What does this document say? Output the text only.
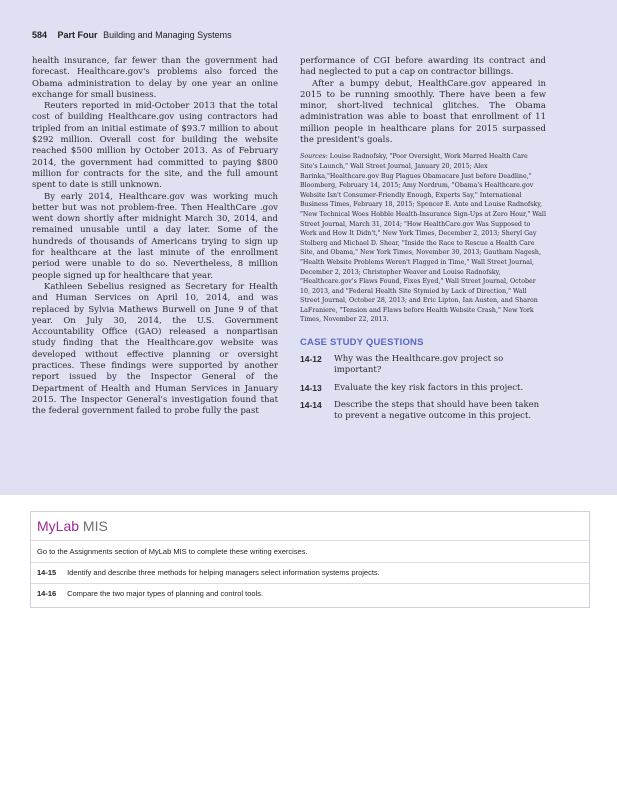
584 Part Four Building and Managing Systems

health insurance, far fewer than the government had forecast. Healthcare.gov's problems also forced the Obama administration to delay by one year an online exchange for small business.

Reuters reported in mid-October 2013 that the total cost of building Healthcare.gov using contractors had tripled from an initial estimate of $93.7 million to about $292 million. Overall cost for building the website reached $500 million by October 2013. As of February 2014, the government had committed to paying $800 million for contracts for the site, and the full amount spent to date is still unknown.

By early 2014, Healthcare.gov was working much better but was not problem-free. Then HealthCare .gov went down shortly after midnight March 30, 2014, and remained unusable until a day later. Some of the hundreds of thousands of Americans trying to sign up for healthcare at the last minute of the enrollment period were unable to do so. Nevertheless, 8 million people signed up for healthcare that year.

Kathleen Sebelius resigned as Secretary for Health and Human Services on April 10, 2014, and was replaced by Sylvia Mathews Burwell on June 9 of that year. On July 30, 2014, the U.S. Government Accountability Office (GAO) released a nonpartisan study finding that the Healthcare.gov website was developed without effective planning or oversight practices. These findings were supported by another report issued by the Inspector General of the Department of Health and Human Services in January 2015. The Inspector General's investigation found that the federal government failed to probe fully the past

performance of CGI before awarding its contract and had neglected to put a cap on contractor billings.

After a bumpy debut, HealthCare.gov appeared in 2015 to be running smoothly. There have been a few minor, short-lived technical glitches. The Obama administration was able to boast that enrollment of 11 million people in healthcare plans for 2015 surpassed the president's goals.

Sources: Louise Radnofsky, "Poor Oversight, Work Marred Health Care Site's Launch," Wall Street Journal, January 20, 2015; Alex Barinka,"Healthcare.gov Bug Plagues Obamacare Just before Deadline," Bloomberg, February 14, 2015; Amy Nordrum, "Obama's Healthcare.gov Website Isn't Consumer-Friendly Enough, Experts Say," International Business Times, February 18, 2015; Spencer E. Ante and Louise Radnofsky, "New Technical Woes Hobble Health-Insurance Sign-Ups at Zero Hour," Wall Street Journal, March 31, 2014; "How HealthCare.gov Was Supposed to Work and How It Didn't," New York Times, December 2, 2013; Sheryl Gay Stolberg and Michael D. Shear, "Inside the Race to Rescue a Health Care Site, and Obama," New York Times, November 30, 2013; Gautham Nagesh, "Health Website Problems Weren't Flagged in Time," Wall Street Journal, December 2, 2013; Christopher Weaver and Louise Radnofsky, "Healthcare.gov's Flaws Found, Fixes Eyed," Wall Street Journal, October 10, 2013, and "Federal Health Site Stymied by Lack of Direction," Wall Street Journal, October 28, 2013; and Eric Lipton, Ian Austen, and Sharon LaFraniere, "Tension and Flaws before Health Website Crash," New York Times, November 22, 2013.

CASE STUDY QUESTIONS
14-12	Why was the Healthcare.gov project so important?
14-13	Evaluate the key risk factors in this project.
14-14	Describe the steps that should have been taken to prevent a negative outcome in this project.
MyLab MIS
Go to the Assignments section of MyLab MIS to complete these writing exercises.
14-15 Identify and describe three methods for helping managers select information systems projects.
14-16 Compare the two major types of planning and control tools.
